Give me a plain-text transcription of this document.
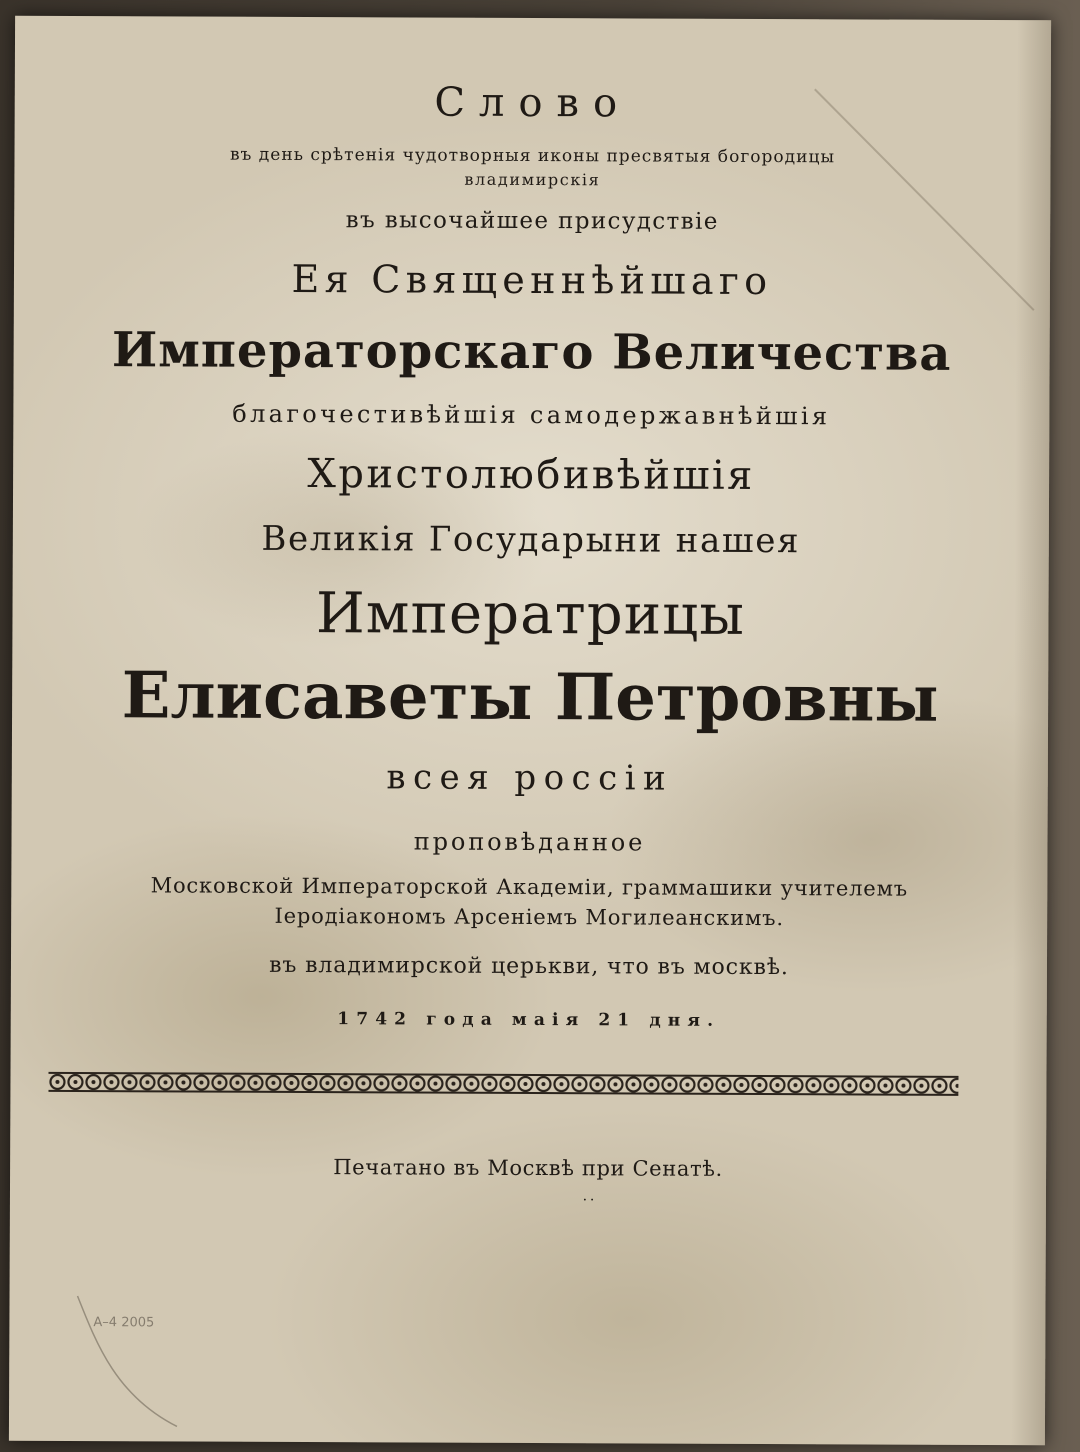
Слово
въ день срѣтенія чудотворныя иконы пресвятыя богородицы
владимирскія
въ высочайшее присудствіе
Ея Священнѣйшаго
Императорскаго Величества
благочестивѣйшія самодержавнѣйшія
Христолюбивѣйшія
Великія Государыни нашея
Императрицы
Елисаветы Петровны
всея россіи
проповѣданное
Московской Императорской Академіи, граммашики учителемъ
Іеродіакономъ Арсеніемъ Могилеанскимъ.
въ владимирской церькви, что въ москвѣ.
1742 года маія 21 дня.
Печатано въ Москвѣ при Сенатѣ.
..
А–4 2005
